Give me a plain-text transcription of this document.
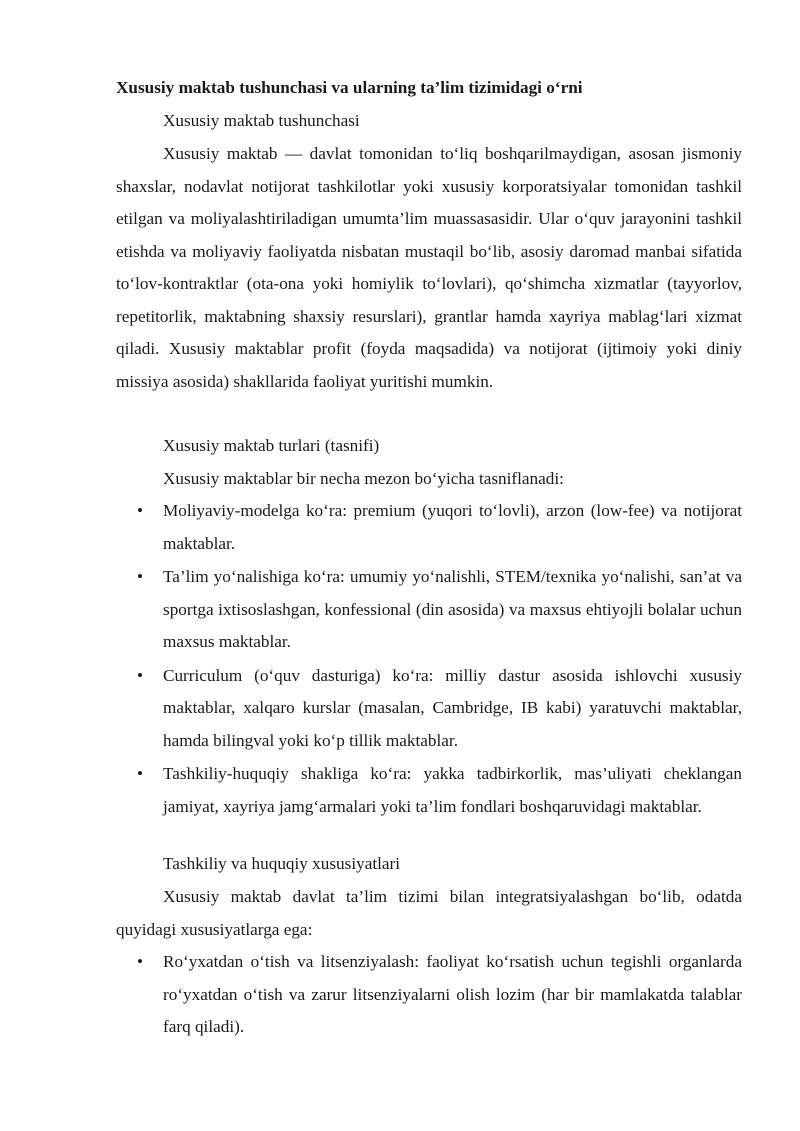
Xususiy maktab tushunchasi va ularning ta’lim tizimidagi o‘rni
Xususiy maktab tushunchasi
Xususiy maktab — davlat tomonidan to‘liq boshqarilmaydigan, asosan jismoniy shaxslar, nodavlat notijorat tashkilotlar yoki xususiy korporatsiyalar tomonidan tashkil etilgan va moliyalashtiriladigan umumta’lim muassasasidir. Ular o‘quv jarayonini tashkil etishda va moliyaviy faoliyatda nisbatan mustaqil bo‘lib, asosiy daromad manbai sifatida to‘lov-kontraktlar (ota-ona yoki homiylik to‘lovlari), qo‘shimcha xizmatlar (tayyorlov, repetitorlik, maktabning shaxsiy resurslari), grantlar hamda xayriya mablag‘lari xizmat qiladi. Xususiy maktablar profit (foyda maqsadida) va notijorat (ijtimoiy yoki diniy missiya asosida) shakllarida faoliyat yuritishi mumkin.
Xususiy maktab turlari (tasnifi)
Xususiy maktablar bir necha mezon bo‘yicha tasniflanadi:
• Moliyaviy-modelga ko‘ra: premium (yuqori to‘lovli), arzon (low-fee) va notijorat maktablar.
• Ta’lim yo‘nalishiga ko‘ra: umumiy yo‘nalishli, STEM/texnika yo‘nalishi, san’at va sportga ixtisoslashgan, konfessional (din asosida) va maxsus ehtiyojli bolalar uchun maxsus maktablar.
• Curriculum (o‘quv dasturiga) ko‘ra: milliy dastur asosida ishlovchi xususiy maktablar, xalqaro kurslar (masalan, Cambridge, IB kabi) yaratuvchi maktablar, hamda bilingval yoki ko‘p tillik maktablar.
• Tashkiliy-huquqiy shakliga ko‘ra: yakka tadbirkorlik, mas’uliyati cheklangan jamiyat, xayriya jamg‘armalari yoki ta’lim fondlari boshqaruvidagi maktablar.
Tashkiliy va huquqiy xususiyatlari
Xususiy maktab davlat ta’lim tizimi bilan integratsiyalashgan bo‘lib, odatda quyidagi xususiyatlarga ega:
• Ro‘yxatdan o‘tish va litsenziyalash: faoliyat ko‘rsatish uchun tegishli organlarda ro‘yxatdan o‘tish va zarur litsenziyalarni olish lozim (har bir mamlakatda talablar farq qiladi).
